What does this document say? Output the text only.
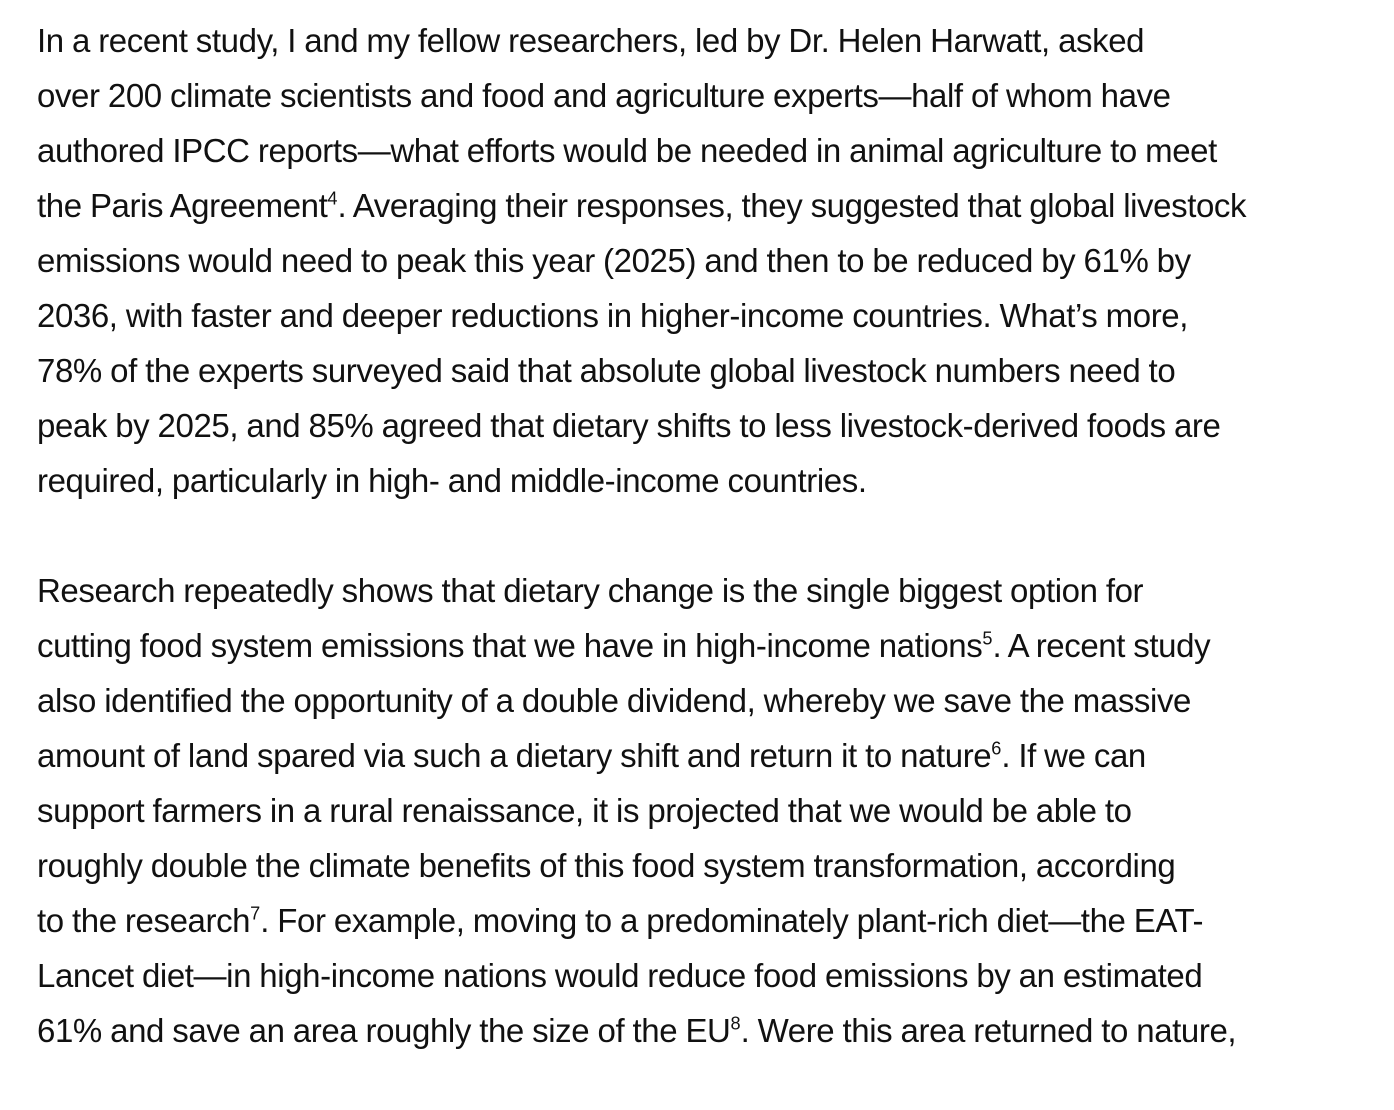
In a recent study, I and my fellow researchers, led by Dr. Helen Harwatt, asked
over 200 climate scientists and food and agriculture experts—half of whom have
authored IPCC reports—what efforts would be needed in animal agriculture to meet
the Paris Agreement$^4$. Averaging their responses, they suggested that global livestock
emissions would need to peak this year (2025) and then to be reduced by 61% by
2036, with faster and deeper reductions in higher-income countries. What’s more,
78% of the experts surveyed said that absolute global livestock numbers need to
peak by 2025, and 85% agreed that dietary shifts to less livestock-derived foods are
required, particularly in high- and middle-income countries.

Research repeatedly shows that dietary change is the single biggest option for
cutting food system emissions that we have in high-income nations$^5$. A recent study
also identified the opportunity of a double dividend, whereby we save the massive
amount of land spared via such a dietary shift and return it to nature$^6$. If we can
support farmers in a rural renaissance, it is projected that we would be able to
roughly double the climate benefits of this food system transformation, according
to the research$^7$. For example, moving to a predominately plant-rich diet—the EAT-
Lancet diet—in high-income nations would reduce food emissions by an estimated
61% and save an area roughly the size of the $EU^8$. Were this area returned to nature,
